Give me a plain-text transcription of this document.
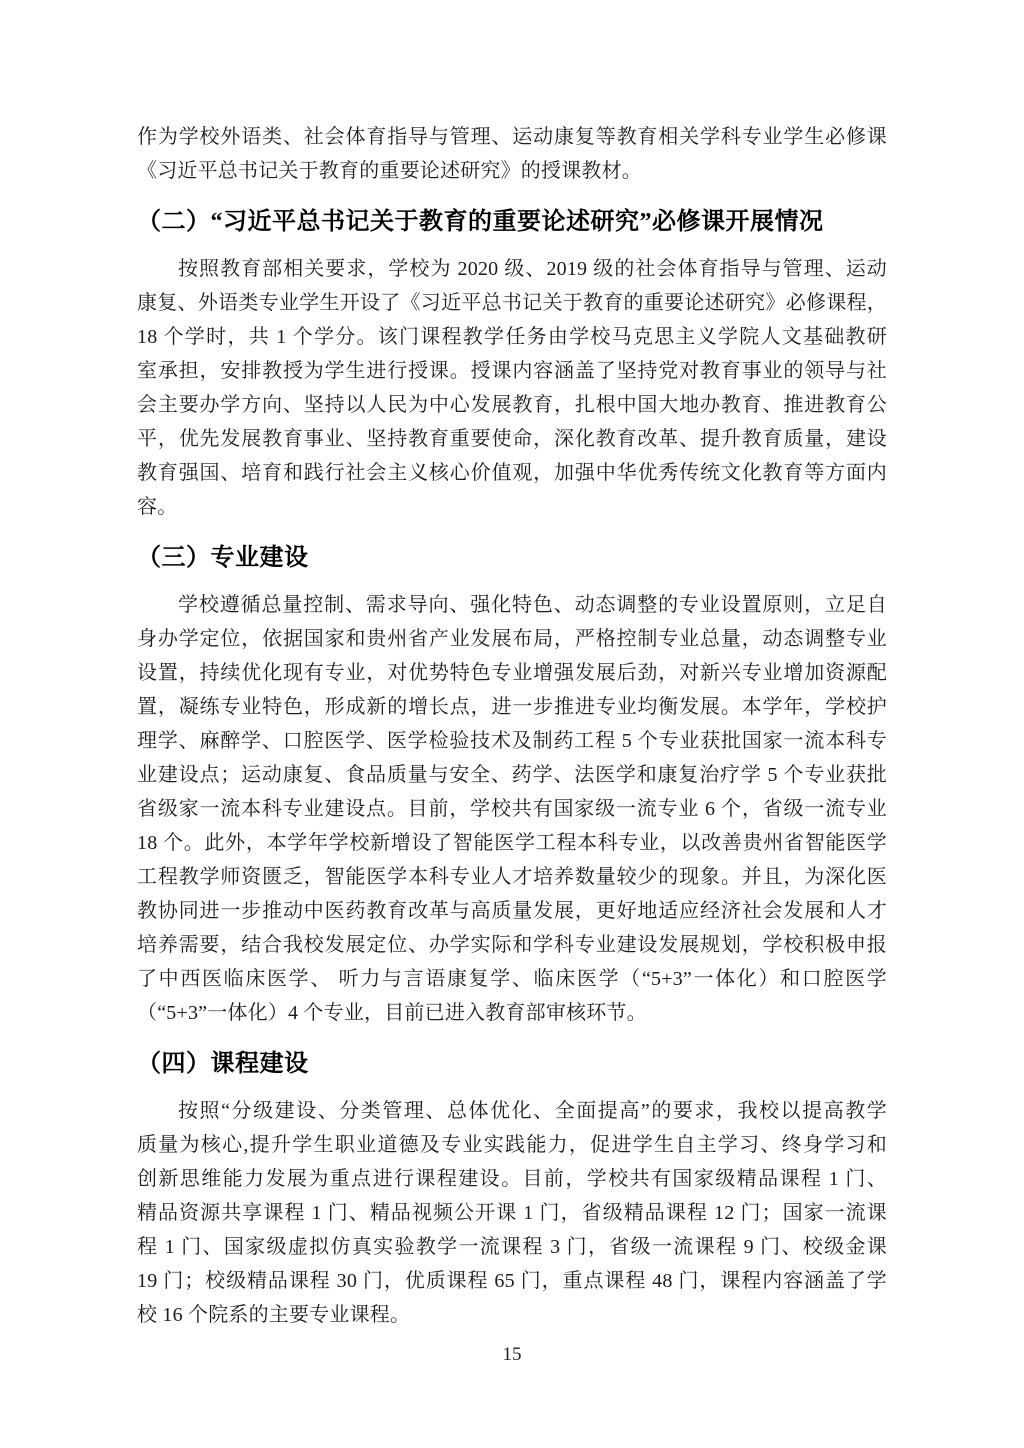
作为学校外语类、社会体育指导与管理、运动康复等教育相关学科专业学生必修课
《习近平总书记关于教育的重要论述研究》的授课教材。
（二）“习近平总书记关于教育的重要论述研究”必修课开展情况
按照教育部相关要求，学校为 2020 级、2019 级的社会体育指导与管理、运动
康复、外语类专业学生开设了《习近平总书记关于教育的重要论述研究》必修课程，
18 个学时，共 1 个学分。该门课程教学任务由学校马克思主义学院人文基础教研
室承担，安排教授为学生进行授课。授课内容涵盖了坚持党对教育事业的领导与社
会主要办学方向、坚持以人民为中心发展教育，扎根中国大地办教育、推进教育公
平，优先发展教育事业、坚持教育重要使命，深化教育改革、提升教育质量，建设
教育强国、培育和践行社会主义核心价值观，加强中华优秀传统文化教育等方面内
容。
（三）专业建设
学校遵循总量控制、需求导向、强化特色、动态调整的专业设置原则，立足自
身办学定位，依据国家和贵州省产业发展布局，严格控制专业总量，动态调整专业
设置，持续优化现有专业，对优势特色专业增强发展后劲，对新兴专业增加资源配
置，凝练专业特色，形成新的增长点，进一步推进专业均衡发展。本学年，学校护
理学、麻醉学、口腔医学、医学检验技术及制药工程 5 个专业获批国家一流本科专
业建设点；运动康复、食品质量与安全、药学、法医学和康复治疗学 5 个专业获批
省级家一流本科专业建设点。目前，学校共有国家级一流专业 6 个，省级一流专业
18 个。此外，本学年学校新增设了智能医学工程本科专业，以改善贵州省智能医学
工程教学师资匮乏，智能医学本科专业人才培养数量较少的现象。并且，为深化医
教协同进一步推动中医药教育改革与高质量发展，更好地适应经济社会发展和人才
培养需要，结合我校发展定位、办学实际和学科专业建设发展规划，学校积极申报
了中西医临床医学、 听力与言语康复学、临床医学（“5+3”一体化）和口腔医学
（“5+3”一体化）4 个专业，目前已进入教育部审核环节。
（四）课程建设
按照“分级建设、分类管理、总体优化、全面提高”的要求，我校以提高教学
质量为核心,提升学生职业道德及专业实践能力，促进学生自主学习、终身学习和
创新思维能力发展为重点进行课程建设。目前，学校共有国家级精品课程 1 门、
精品资源共享课程 1 门、精品视频公开课 1 门，省级精品课程 12 门；国家一流课
程 1 门、国家级虚拟仿真实验教学一流课程 3 门，省级一流课程 9 门、校级金课
19 门；校级精品课程 30 门，优质课程 65 门，重点课程 48 门，课程内容涵盖了学
校 16 个院系的主要专业课程。
15
